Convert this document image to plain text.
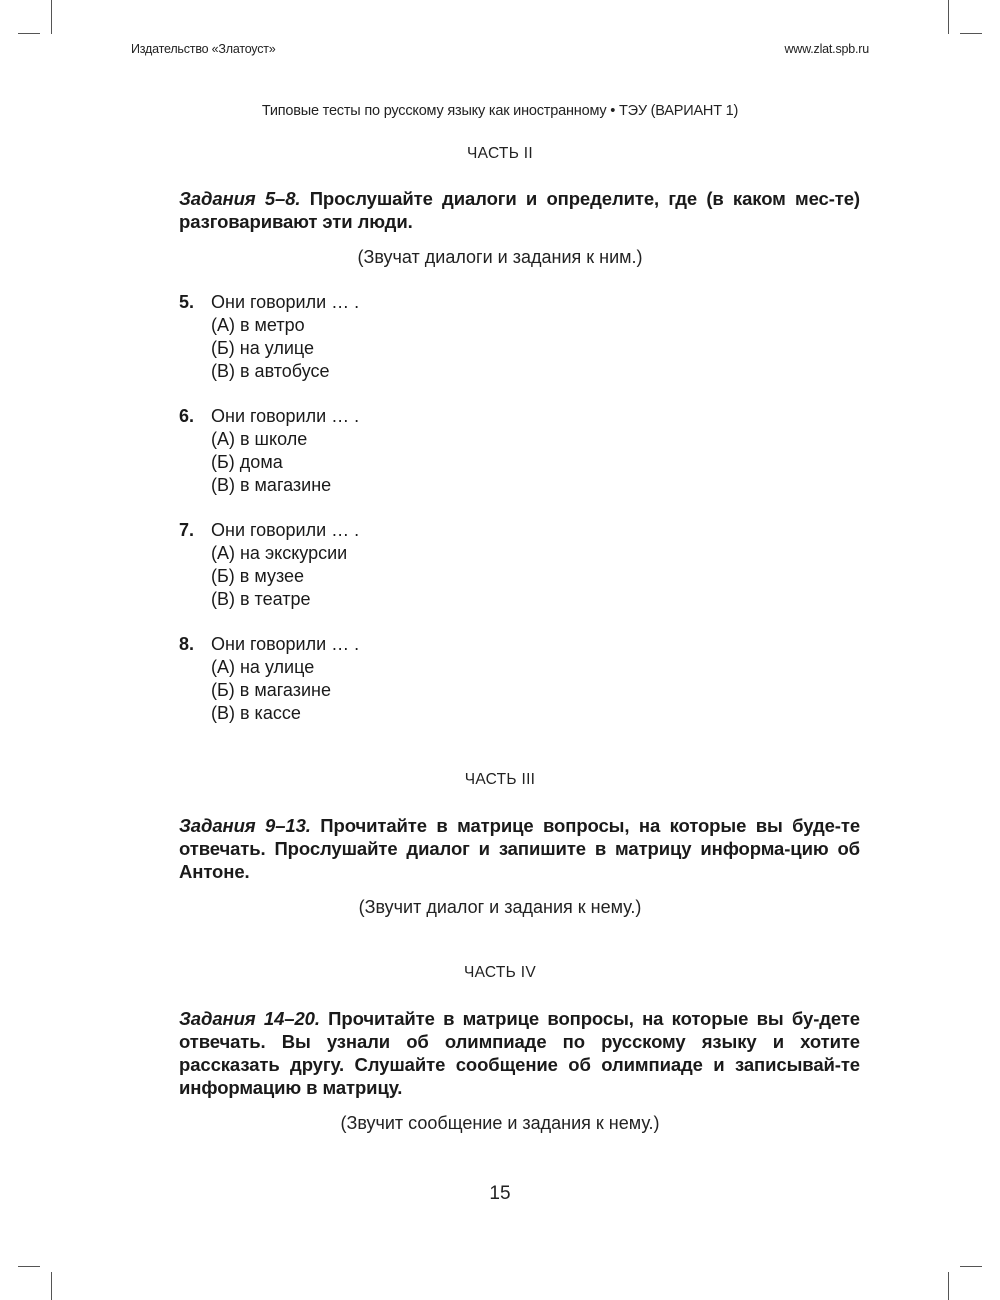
Издательство «Златоуст»	www.zlat.spb.ru
Типовые тесты по русскому языку как иностранному • ТЭУ (ВАРИАНТ 1)
ЧАСТЬ II
Задания 5–8. Прослушайте диалоги и определите, где (в каком мес-те) разговаривают эти люди.
(Звучат диалоги и задания к ним.)
5. Они говорили … .
(А) в метро
(Б) на улице
(В) в автобусе
6. Они говорили … .
(А) в школе
(Б) дома
(В) в магазине
7. Они говорили … .
(А) на экскурсии
(Б) в музее
(В) в театре
8. Они говорили … .
(А) на улице
(Б) в магазине
(В) в кассе
ЧАСТЬ III
Задания 9–13. Прочитайте в матрице вопросы, на которые вы буде-те отвечать. Прослушайте диалог и запишите в матрицу информа-цию об Антоне.
(Звучит диалог и задания к нему.)
ЧАСТЬ IV
Задания 14–20. Прочитайте в матрице вопросы, на которые вы бу-дете отвечать. Вы узнали об олимпиаде по русскому языку и хотите рассказать другу. Слушайте сообщение об олимпиаде и записывай-те информацию в матрицу.
(Звучит сообщение и задания к нему.)
15
